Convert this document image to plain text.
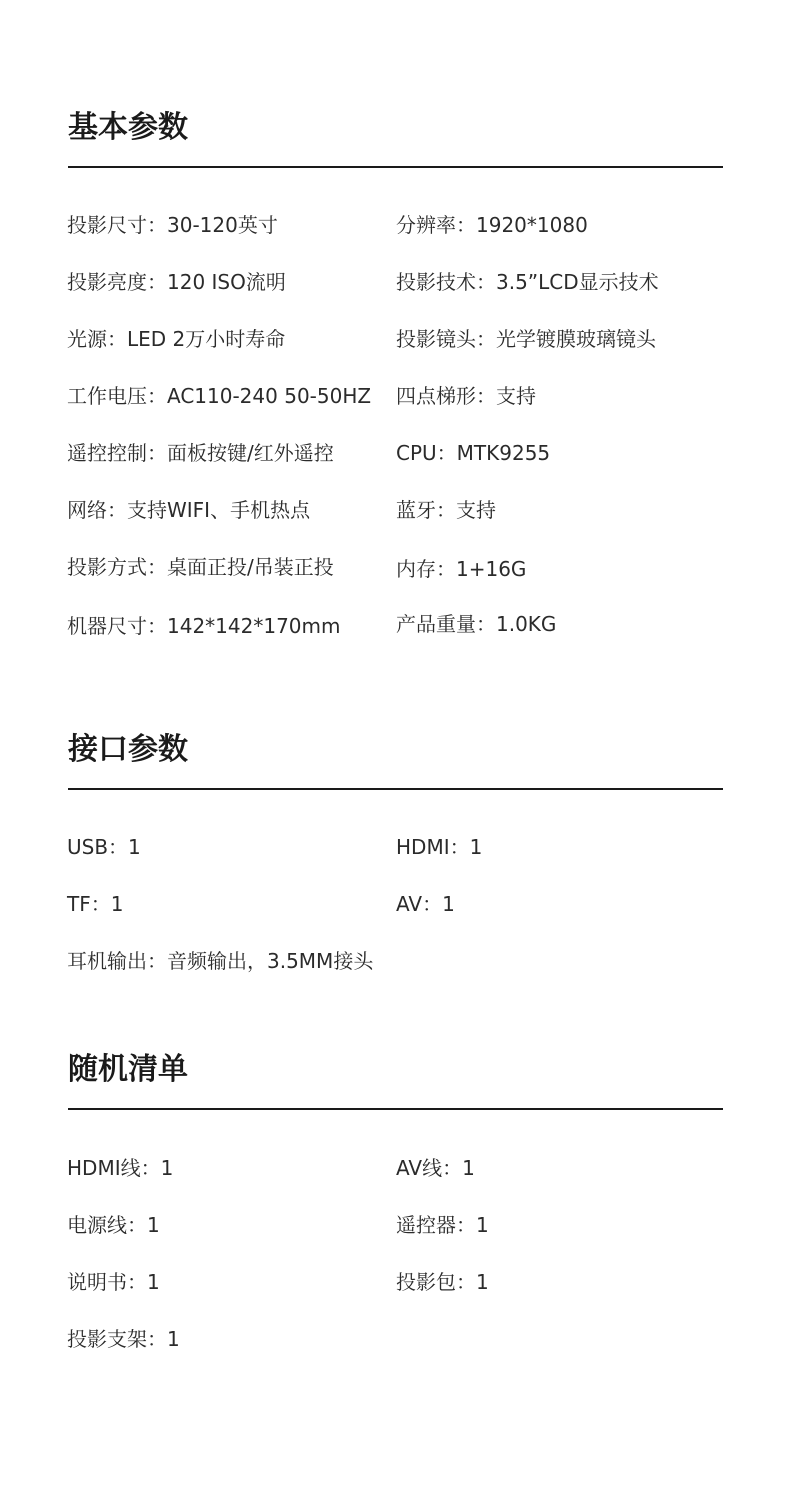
基本参数
投影尺寸：30-120英寸	分辨率：1920*1080
投影亮度：120 ISO流明	投影技术：3.5”LCD显示技术
光源：LED 2万小时寿命	投影镜头：光学镀膜玻璃镜头
工作电压：AC110-240 50-50HZ 四点梯形：支持
遥控控制：面板按键/红外遥控	CPU：MTK9255
网络：支持WIFI、手机热点	蓝牙：支持
投影方式：桌面正投/吊装正投	内存：1+16G
机器尺寸：142*142*170mm	产品重量：1.0KG
接口参数
USB：1	HDMI：1
TF：1	AV：1
耳机输出：音频输出，3.5MM接头
随机清单
HDMI线：1	AV线：1
电源线：1	遥控器：1
说明书：1	投影包：1
投影支架：1
